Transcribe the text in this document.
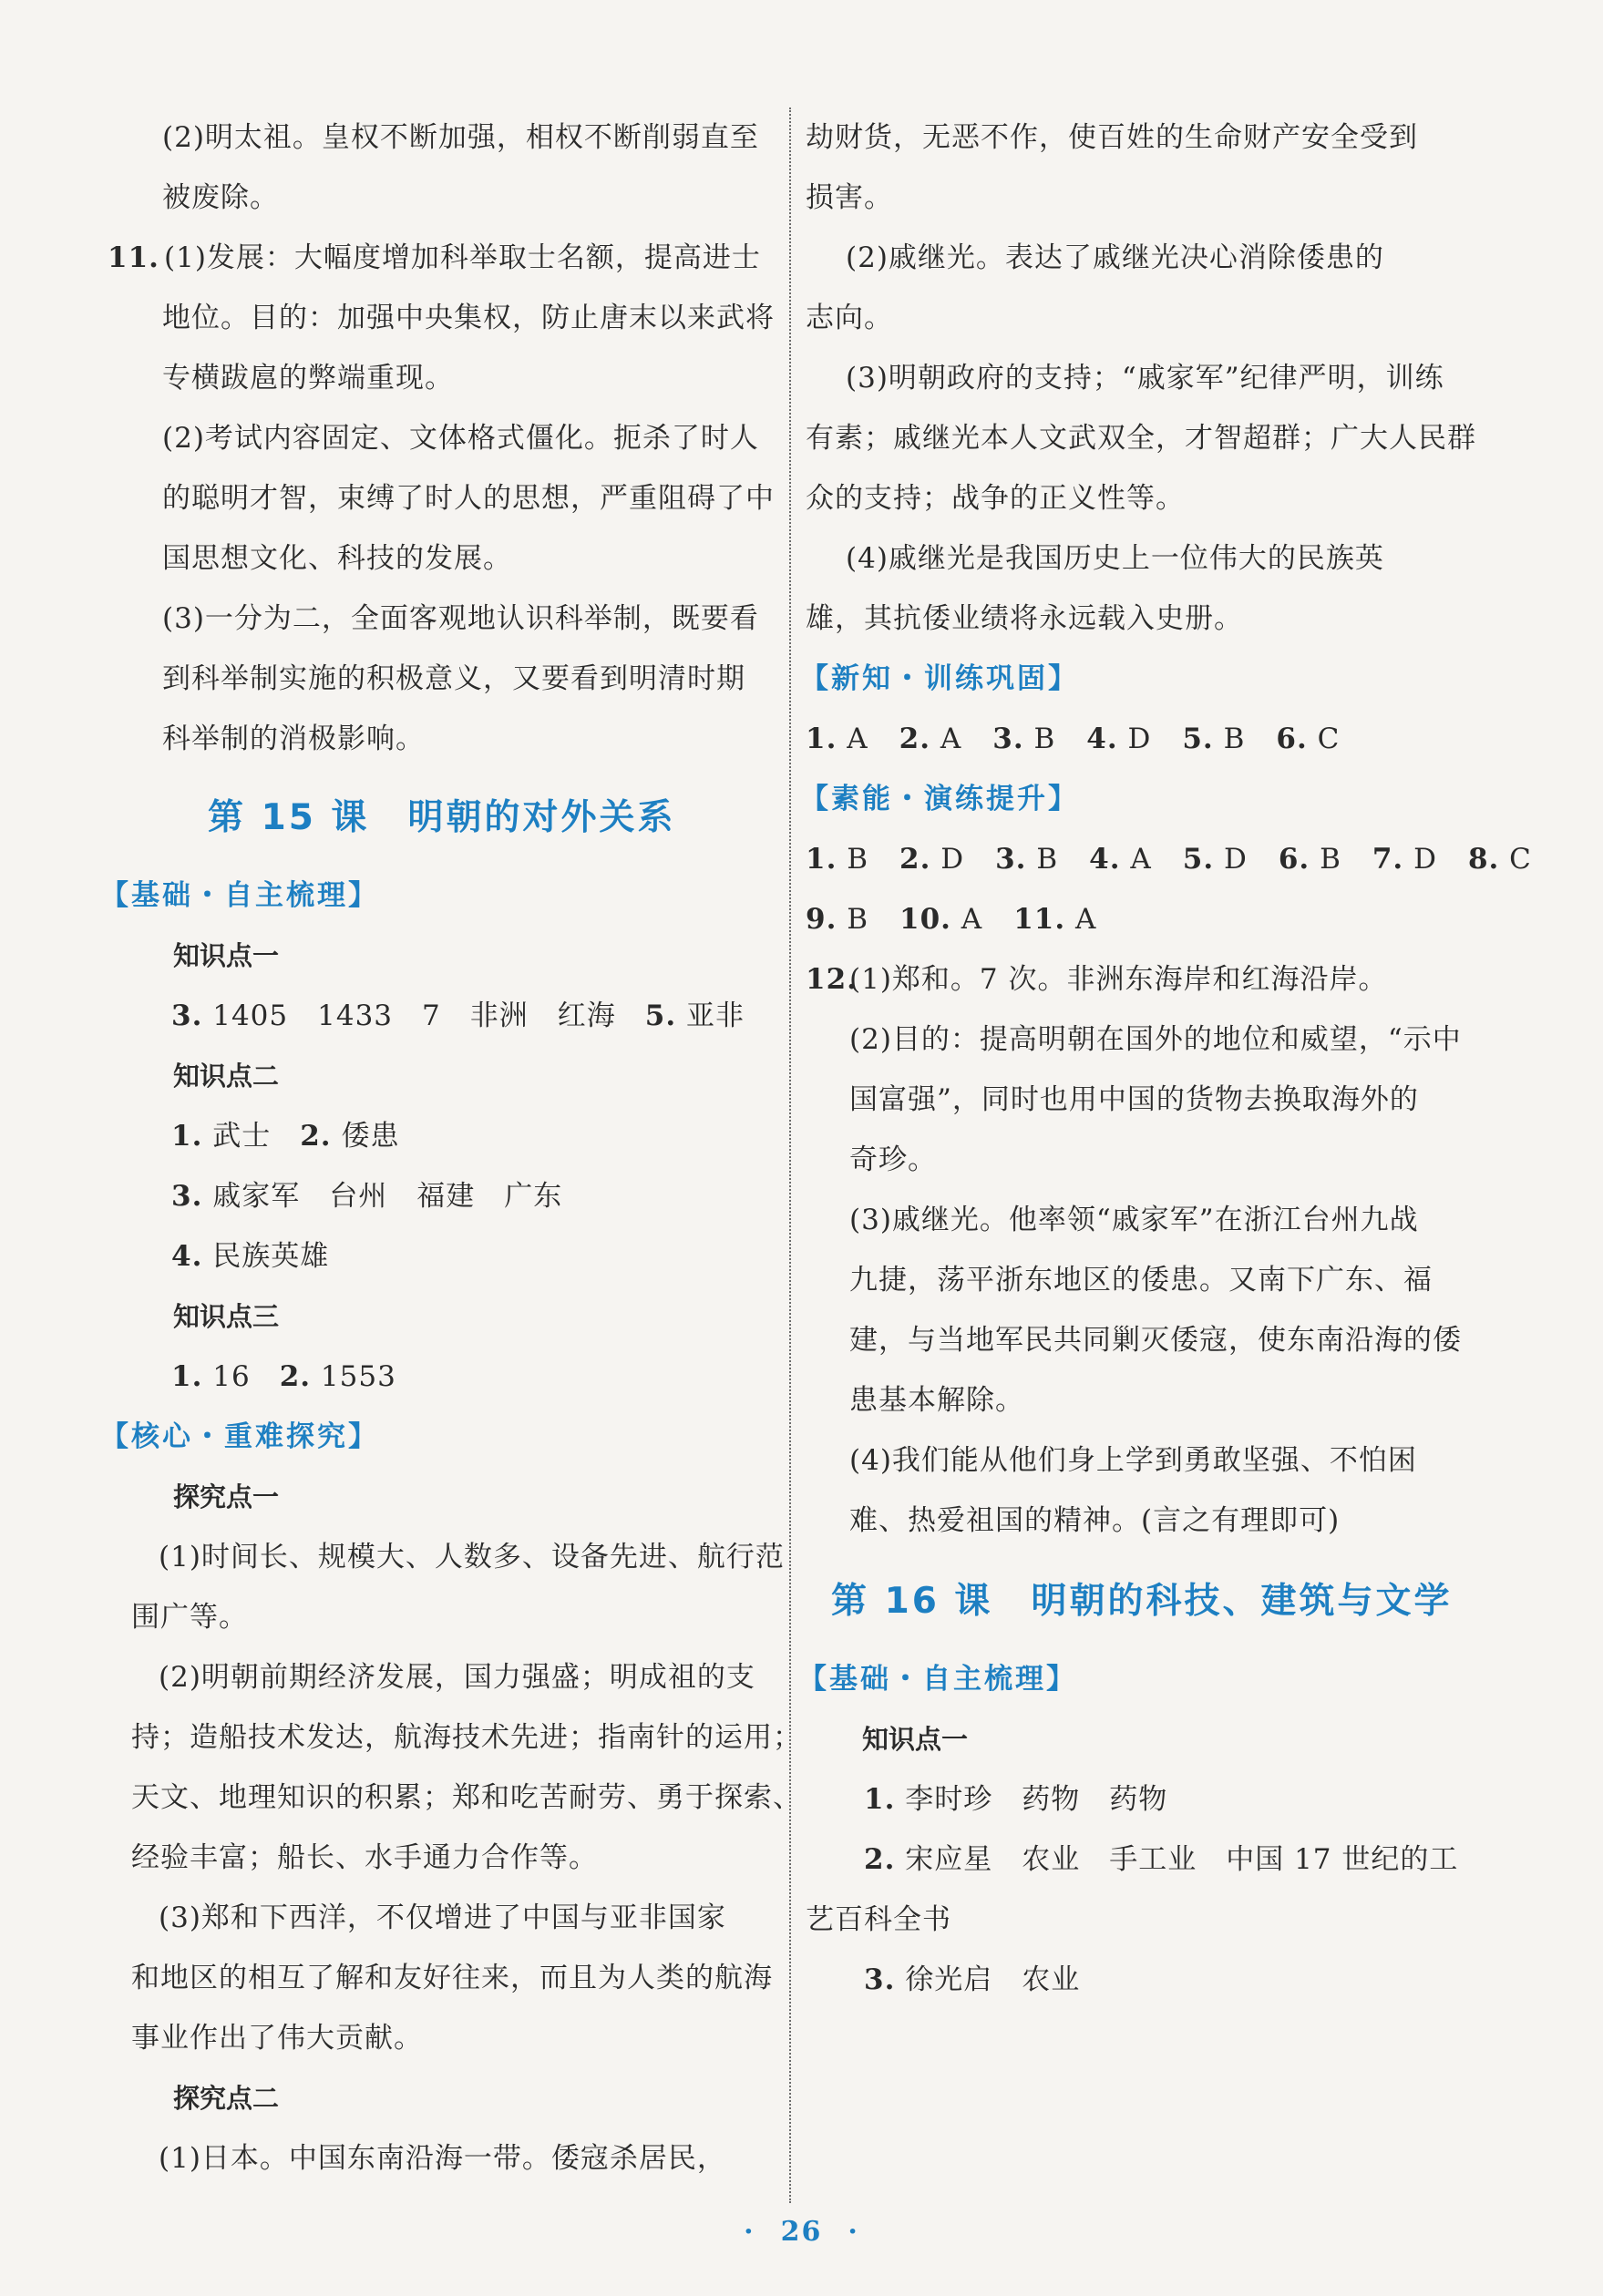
(2)明太祖。皇权不断加强，相权不断削弱直至
被废除。
11. (1)发展：大幅度增加科举取士名额，提高进士
地位。目的：加强中央集权，防止唐末以来武将
专横跋扈的弊端重现。
(2)考试内容固定、文体格式僵化。扼杀了时人
的聪明才智，束缚了时人的思想，严重阻碍了中
国思想文化、科技的发展。
(3)一分为二，全面客观地认识科举制，既要看
到科举制实施的积极意义，又要看到明清时期
科举制的消极影响。
第 15 课 明朝的对外关系
【基础・自主梳理】
知识点一
3. 1405　1433　7　非洲　红海　 5. 亚非
知识点二
1. 武士　 2. 倭患
3. 戚家军　台州　福建　广东
4. 民族英雄
知识点三
1. 16　 2. 1553
【核心・重难探究】
探究点一
(1)时间长、规模大、人数多、设备先进、航行范
围广等。
(2)明朝前期经济发展，国力强盛；明成祖的支
持；造船技术发达，航海技术先进；指南针的运用；
天文、地理知识的积累；郑和吃苦耐劳、勇于探索、
经验丰富；船长、水手通力合作等。
(3)郑和下西洋，不仅增进了中国与亚非国家
和地区的相互了解和友好往来，而且为人类的航海
事业作出了伟大贡献。
探究点二
(1)日本。中国东南沿海一带。倭寇杀居民，
劫财货，无恶不作，使百姓的生命财产安全受到
损害。
(2)戚继光。表达了戚继光决心消除倭患的
志向。
(3)明朝政府的支持；“戚家军”纪律严明，训练
有素；戚继光本人文武双全，才智超群；广大人民群
众的支持；战争的正义性等。
(4)戚继光是我国历史上一位伟大的民族英
雄，其抗倭业绩将永远载入史册。
【新知・训练巩固】
1. A 2. A 3. B 4. D 5. B 6. C
【素能・演练提升】
1. B 2. D 3. B 4. A 5. D 6. B 7. D 8. C
9. B 10. A 11. A
12.(1)郑和。7 次。非洲东海岸和红海沿岸。
(2)目的：提高明朝在国外的地位和威望，“示中
国富强”，同时也用中国的货物去换取海外的
奇珍。
(3)戚继光。他率领“戚家军”在浙江台州九战
九捷，荡平浙东地区的倭患。又南下广东、福
建，与当地军民共同剿灭倭寇，使东南沿海的倭
患基本解除。
(4)我们能从他们身上学到勇敢坚强、不怕困
难、热爱祖国的精神。(言之有理即可)
第 16 课 明朝的科技、建筑与文学
【基础・自主梳理】
知识点一
1. 李时珍　药物　药物
2. 宋应星　农业　手工业　中国 17 世纪的工
艺百科全书
3. 徐光启　农业
· 26 ·
